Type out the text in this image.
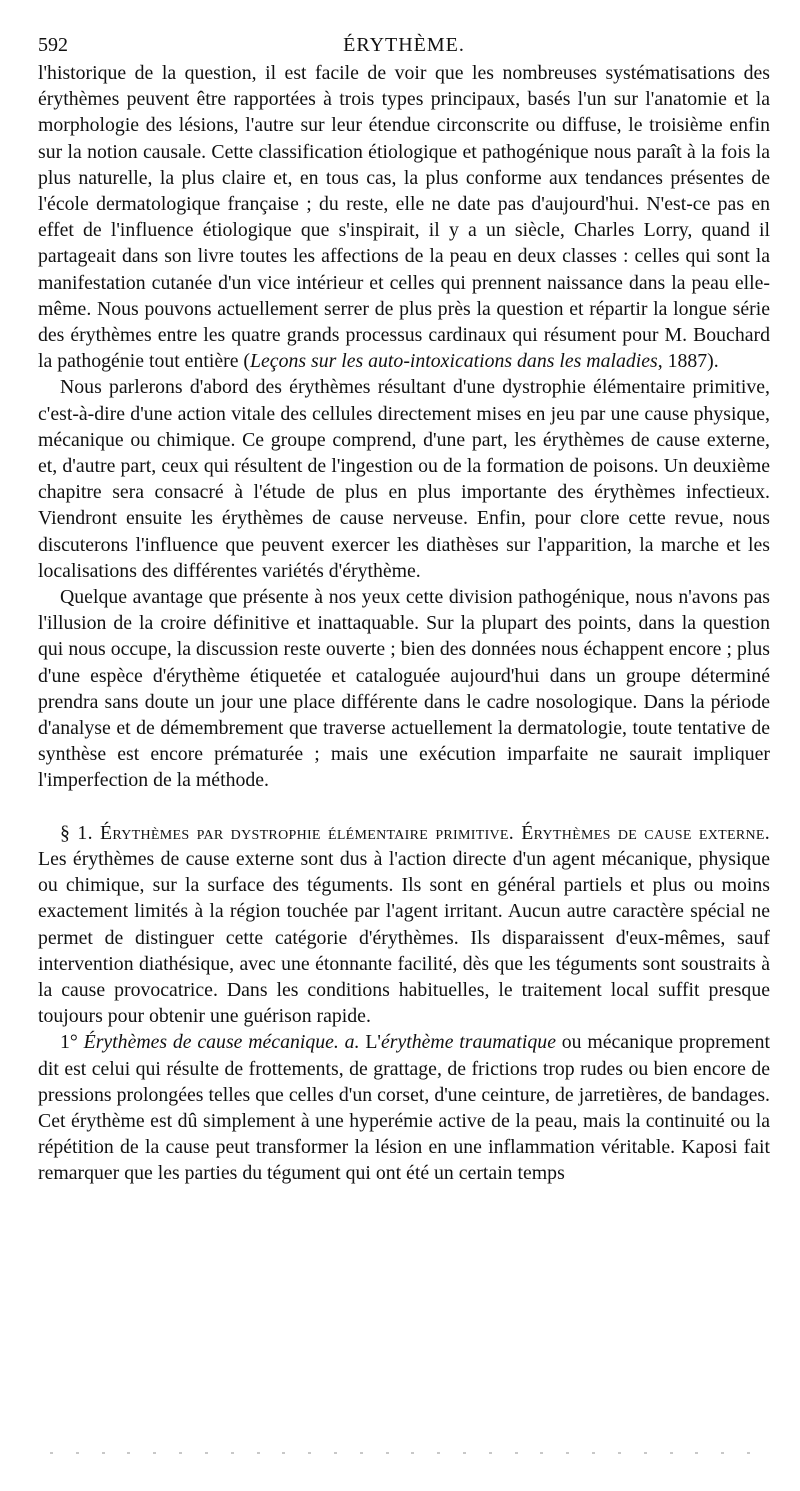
592	ÉRYTHÈME.

l'historique de la question, il est facile de voir que les nombreuses systématisations des érythèmes peuvent être rapportées à trois types principaux, basés l'un sur l'anatomie et la morphologie des lésions, l'autre sur leur étendue circonscrite ou diffuse, le troisième enfin sur la notion causale. Cette classification étiologique et pathogénique nous paraît à la fois la plus naturelle, la plus claire et, en tous cas, la plus conforme aux tendances présentes de l'école dermatologique française ; du reste, elle ne date pas d'aujourd'hui. N'est-ce pas en effet de l'influence étiologique que s'inspirait, il y a un siècle, Charles Lorry, quand il partageait dans son livre toutes les affections de la peau en deux classes : celles qui sont la manifestation cutanée d'un vice intérieur et celles qui prennent naissance dans la peau elle-même. Nous pouvons actuellement serrer de plus près la question et répartir la longue série des érythèmes entre les quatre grands processus cardinaux qui résument pour M. Bouchard la pathogénie tout entière (Leçons sur les auto-intoxications dans les maladies, 1887).

Nous parlerons d'abord des érythèmes résultant d'une dystrophie élémentaire primitive, c'est-à-dire d'une action vitale des cellules directement mises en jeu par une cause physique, mécanique ou chimique. Ce groupe comprend, d'une part, les érythèmes de cause externe, et, d'autre part, ceux qui résultent de l'ingestion ou de la formation de poisons. Un deuxième chapitre sera consacré à l'étude de plus en plus importante des érythèmes infectieux. Viendront ensuite les érythèmes de cause nerveuse. Enfin, pour clore cette revue, nous discuterons l'influence que peuvent exercer les diathèses sur l'apparition, la marche et les localisations des différentes variétés d'érythème.

Quelque avantage que présente à nos yeux cette division pathogénique, nous n'avons pas l'illusion de la croire définitive et inattaquable. Sur la plupart des points, dans la question qui nous occupe, la discussion reste ouverte ; bien des données nous échappent encore ; plus d'une espèce d'érythème étiquetée et cataloguée aujourd'hui dans un groupe déterminé prendra sans doute un jour une place différente dans le cadre nosologique. Dans la période d'analyse et de démembrement que traverse actuellement la dermatologie, toute tentative de synthèse est encore prématurée ; mais une exécution imparfaite ne saurait impliquer l'imperfection de la méthode.

§ 1. Érythèmes par dystrophie élémentaire primitive. Érythèmes de cause externe. Les érythèmes de cause externe sont dus à l'action directe d'un agent mécanique, physique ou chimique, sur la surface des téguments. Ils sont en général partiels et plus ou moins exactement limités à la région touchée par l'agent irritant. Aucun autre caractère spécial ne permet de distinguer cette catégorie d'érythèmes. Ils disparaissent d'eux-mêmes, sauf intervention diathésique, avec une étonnante facilité, dès que les téguments sont soustraits à la cause provocatrice. Dans les conditions habituelles, le traitement local suffit presque toujours pour obtenir une guérison rapide.

1° Érythèmes de cause mécanique. a. L'érythème traumatique ou mécanique proprement dit est celui qui résulte de frottements, de grattage, de frictions trop rudes ou bien encore de pressions prolongées telles que celles d'un corset, d'une ceinture, de jarretières, de bandages. Cet érythème est dû simplement à une hyperémie active de la peau, mais la continuité ou la répétition de la cause peut transformer la lésion en une inflammation véritable. Kaposi fait remarquer que les parties du tégument qui ont été un certain temps
